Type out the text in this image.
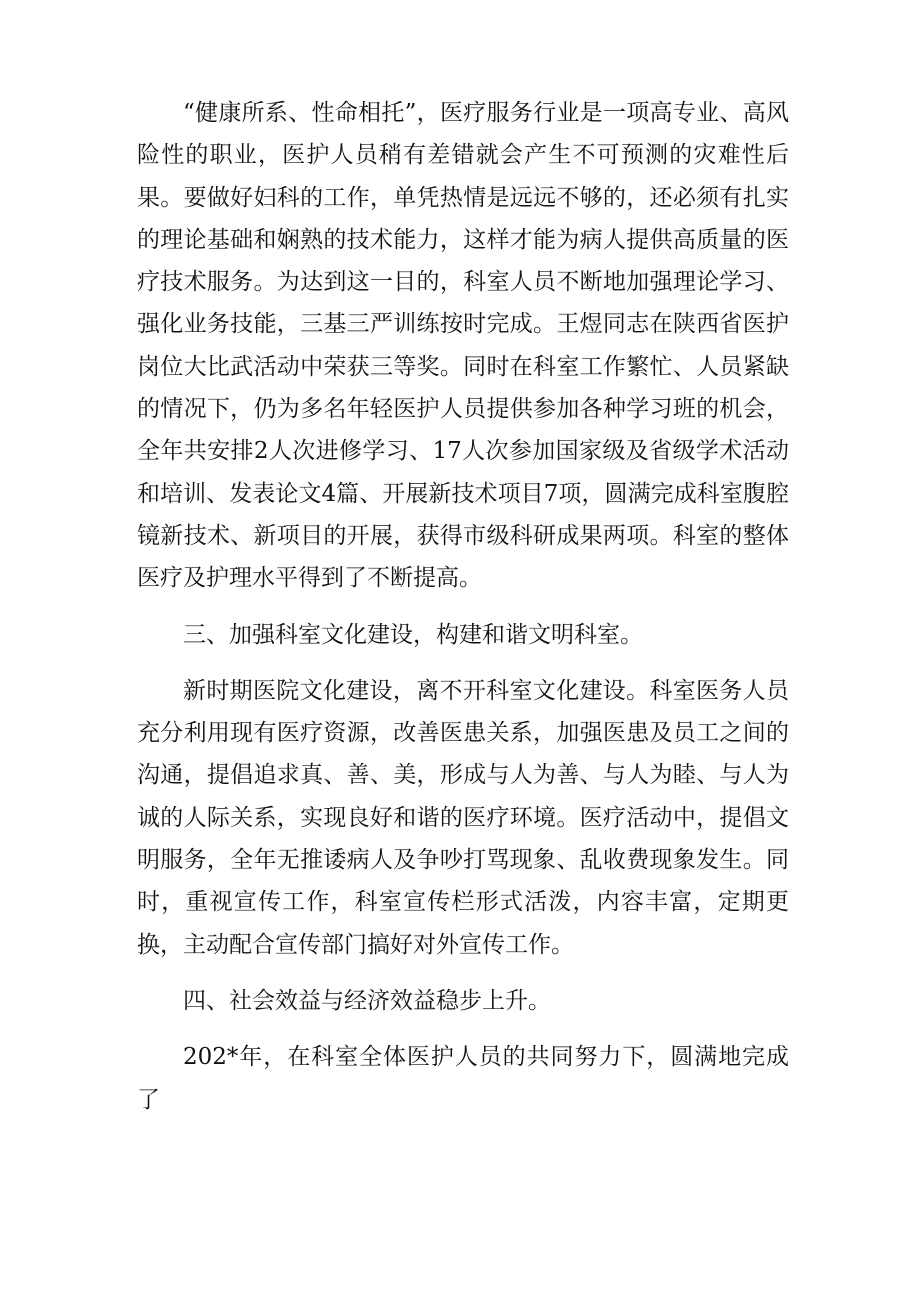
“健康所系、性命相托”，医疗服务行业是一项高专业、高风险性的职业，医护人员稍有差错就会产生不可预测的灾难性后果。要做好妇科的工作，单凭热情是远远不够的，还必须有扎实的理论基础和娴熟的技术能力，这样才能为病人提供高质量的医疗技术服务。为达到这一目的，科室人员不断地加强理论学习、强化业务技能，三基三严训练按时完成。王煜同志在陕西省医护岗位大比武活动中荣获三等奖。同时在科室工作繁忙、人员紧缺的情况下，仍为多名年轻医护人员提供参加各种学习班的机会，全年共安排2人次进修学习、17人次参加国家级及省级学术活动和培训、发表论文4篇、开展新技术项目7项，圆满完成科室腹腔镜新技术、新项目的开展，获得市级科研成果两项。科室的整体医疗及护理水平得到了不断提高。

三、加强科室文化建设，构建和谐文明科室。

新时期医院文化建设，离不开科室文化建设。科室医务人员充分利用现有医疗资源，改善医患关系，加强医患及员工之间的沟通，提倡追求真、善、美，形成与人为善、与人为睦、与人为诚的人际关系，实现良好和谐的医疗环境。医疗活动中，提倡文明服务，全年无推诿病人及争吵打骂现象、乱收费现象发生。同时，重视宣传工作，科室宣传栏形式活泼，内容丰富，定期更换，主动配合宣传部门搞好对外宣传工作。

四、社会效益与经济效益稳步上升。

202*年，在科室全体医护人员的共同努力下，圆满地完成了
